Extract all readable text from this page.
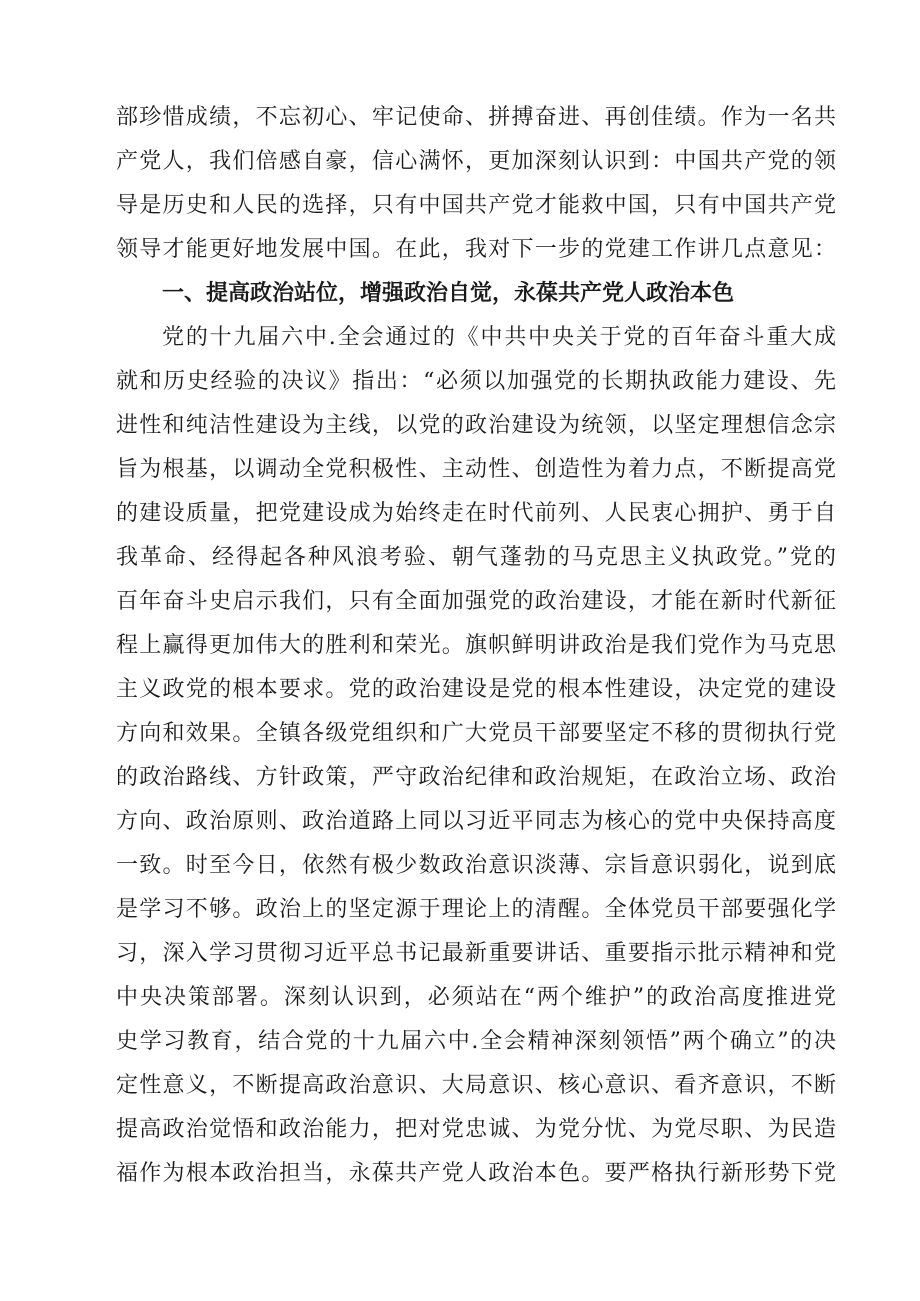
部珍惜成绩，不忘初心、牢记使命、拼搏奋进、再创佳绩。作为一名共
产党人，我们倍感自豪，信心满怀，更加深刻认识到：中国共产党的领
导是历史和人民的选择，只有中国共产党才能救中国，只有中国共产党
领导才能更好地发展中国。在此，我对下一步的党建工作讲几点意见：
一、提高政治站位，增强政治自觉，永葆共产党人政治本色
党的十九届六中.全会通过的《中共中央关于党的百年奋斗重大成
就和历史经验的决议》指出：“必须以加强党的长期执政能力建设、先
进性和纯洁性建设为主线，以党的政治建设为统领，以坚定理想信念宗
旨为根基，以调动全党积极性、主动性、创造性为着力点，不断提高党
的建设质量，把党建设成为始终走在时代前列、人民衷心拥护、勇于自
我革命、经得起各种风浪考验、朝气蓬勃的马克思主义执政党。”党的
百年奋斗史启示我们，只有全面加强党的政治建设，才能在新时代新征
程上赢得更加伟大的胜利和荣光。旗帜鲜明讲政治是我们党作为马克思
主义政党的根本要求。党的政治建设是党的根本性建设，决定党的建设
方向和效果。全镇各级党组织和广大党员干部要坚定不移的贯彻执行党
的政治路线、方针政策，严守政治纪律和政治规矩，在政治立场、政治
方向、政治原则、政治道路上同以习近平同志为核心的党中央保持高度
一致。时至今日，依然有极少数政治意识淡薄、宗旨意识弱化，说到底
是学习不够。政治上的坚定源于理论上的清醒。全体党员干部要强化学
习，深入学习贯彻习近平总书记最新重要讲话、重要指示批示精神和党
中央决策部署。深刻认识到，必须站在“两个维护”的政治高度推进党
史学习教育，结合党的十九届六中.全会精神深刻领悟”两个确立”的决
定性意义，不断提高政治意识、大局意识、核心意识、看齐意识，不断
提高政治觉悟和政治能力，把对党忠诚、为党分忧、为党尽职、为民造
福作为根本政治担当，永葆共产党人政治本色。要严格执行新形势下党
